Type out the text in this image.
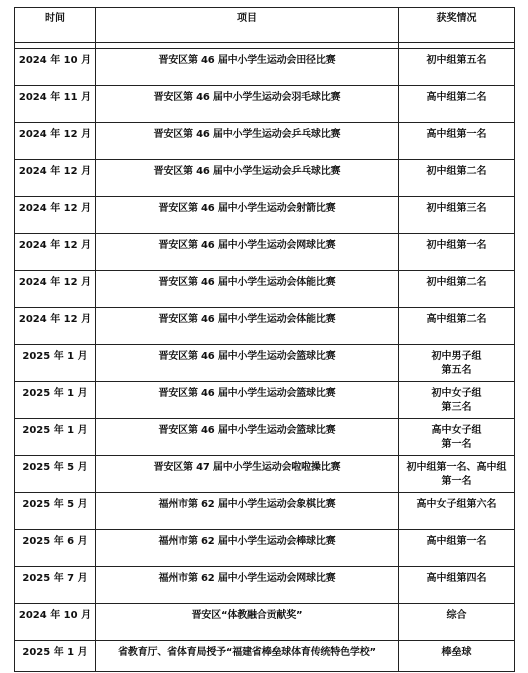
时间	项目	获奖情况

2024 年 10 月	晋安区第 46 届中小学生运动会田径比赛	初中组第五名

2024 年 11 月	晋安区第 46 届中小学生运动会羽毛球比赛	高中组第二名

2024 年 12 月	晋安区第 46 届中小学生运动会乒乓球比赛	高中组第一名

2024 年 12 月	晋安区第 46 届中小学生运动会乒乓球比赛	初中组第二名

2024 年 12 月	晋安区第 46 届中小学生运动会射箭比赛	初中组第三名

2024 年 12 月	晋安区第 46 届中小学生运动会网球比赛	初中组第一名

2024 年 12 月	晋安区第 46 届中小学生运动会体能比赛	初中组第二名

2024 年 12 月	晋安区第 46 届中小学生运动会体能比赛	高中组第二名

2025 年 1 月	晋安区第 46 届中小学生运动会篮球比赛	初中男子组
第五名

2025 年 1 月	晋安区第 46 届中小学生运动会篮球比赛	初中女子组
第三名

2025 年 1 月	晋安区第 46 届中小学生运动会篮球比赛	高中女子组
第一名

2025 年 5 月	晋安区第 47 届中小学生运动会啦啦操比赛	初中组第一名、高中组
第一名

2025 年 5 月	福州市第 62 届中小学生运动会象棋比赛	高中女子组第六名

2025 年 6 月	福州市第 62 届中小学生运动会棒球比赛	高中组第一名

2025 年 7 月	福州市第 62 届中小学生运动会网球比赛	高中组第四名

2024 年 10 月	晋安区“体教融合贡献奖”	综合

2025 年 1 月	省教育厅、省体育局授予“福建省棒垒球体育传统特色学校”	棒垒球
